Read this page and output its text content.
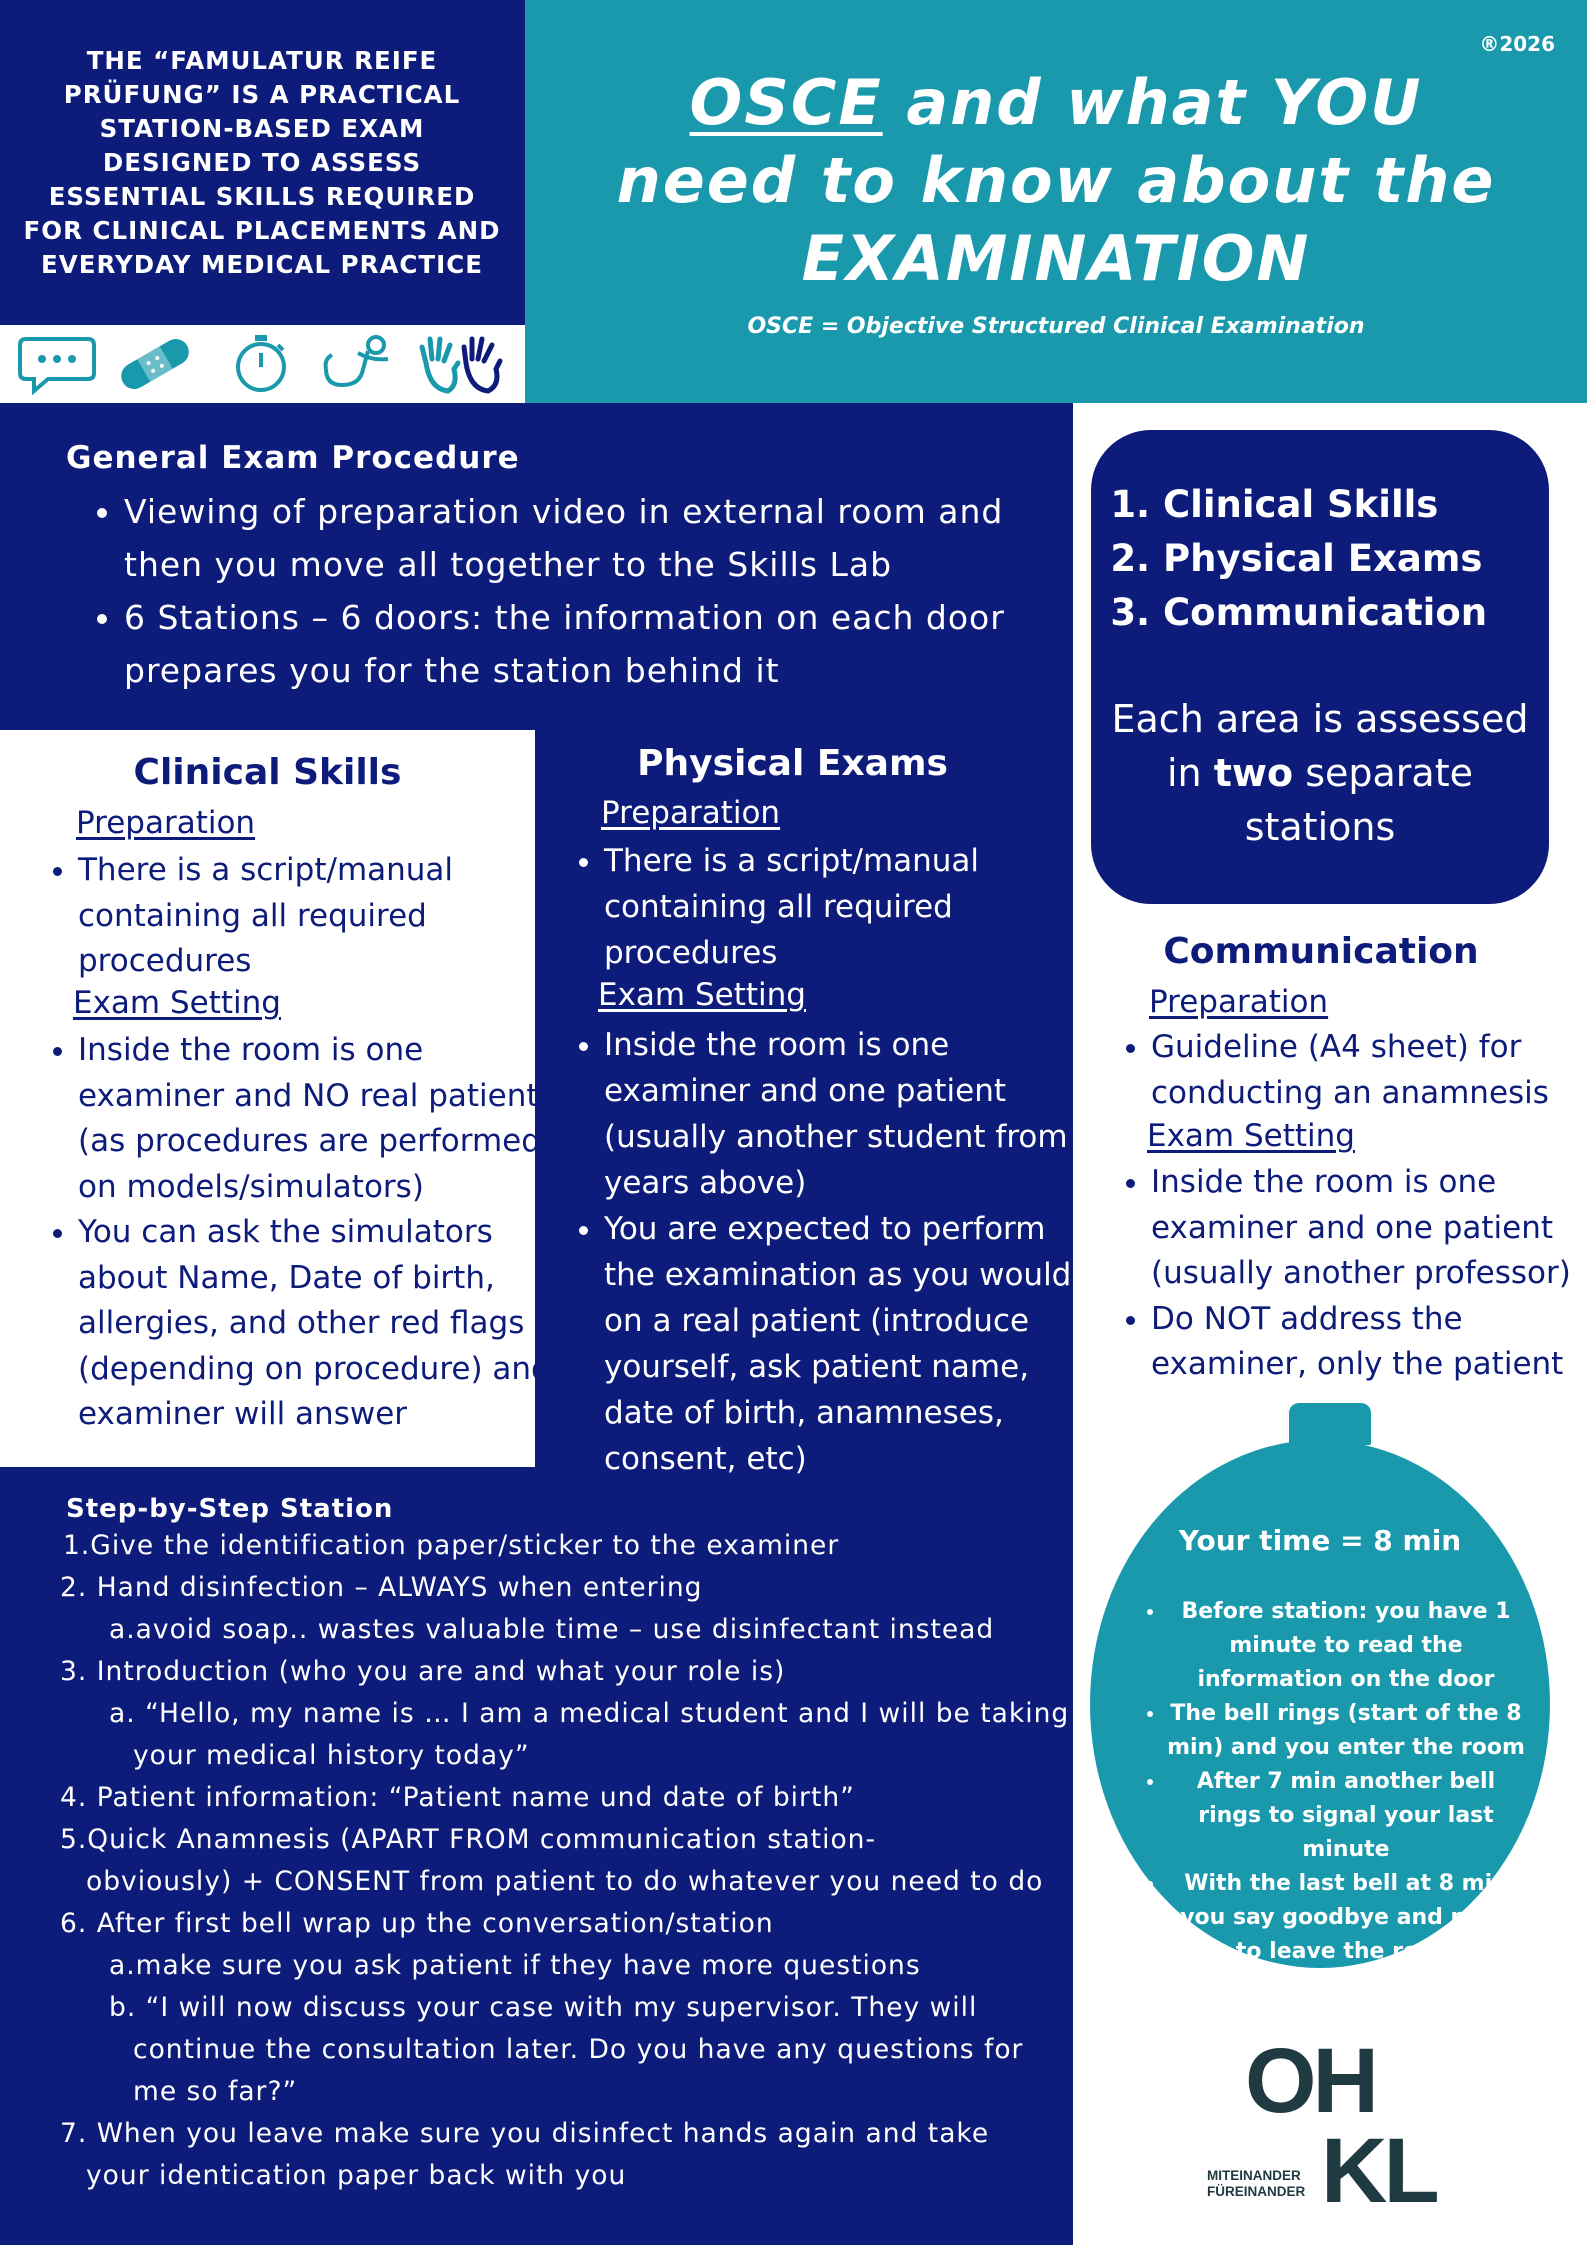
THE “FAMULATUR REIFE PRÜFUNG” IS A PRACTICAL STATION-BASED EXAM DESIGNED TO ASSESS ESSENTIAL SKILLS REQUIRED FOR CLINICAL PLACEMENTS AND EVERYDAY MEDICAL PRACTICE

®2026
OSCE and what YOU
need to know about the
EXAMINATION
OSCE = Objective Structured Clinical Examination
General Exam Procedure
• Viewing of preparation video in external room and then you move all together to the Skills Lab
• 6 Stations – 6 doors: the information on each door prepares you for the station behind it
1. Clinical Skills
2. Physical Exams
3. Communication

Each area is assessed in two separate stations

Clinical Skills

Preparation

• There is a script/manual containing all required procedures

Exam Setting

• Inside the room is one examiner and NO real patient (as procedures are performed on models/simulators)
• You can ask the simulators about Name, Date of birth, allergies, and other red flags (depending on procedure) and examiner will answer
Physical Exams

Preparation

• There is a script/manual containing all required procedures

Exam Setting

• Inside the room is one examiner and one patient (usually another student from years above)
• You are expected to perform the examination as you would on a real patient (introduce yourself, ask patient name, date of birth, anamneses, consent, etc)
Communication

Preparation

• Guideline (A4 sheet) for conducting an anamnesis

Exam Setting

• Inside the room is one examiner and one patient (usually another professor)
• Do NOT address the examiner, only the patient
Step-by-Step Station
1.Give the identification paper/sticker to the examiner
2. Hand disinfection – ALWAYS when entering
a.avoid soap.. wastes valuable time – use disinfectant instead
3. Introduction (who you are and what your role is)
a. “Hello, my name is … I am a medical student and I will be taking
your medical history today”
4. Patient information: “Patient name und date of birth”
5.Quick Anamnesis (APART FROM communication station-
obviously) + CONSENT from patient to do whatever you need to do
6. After first bell wrap up the conversation/station
a.make sure you ask patient if they have more questions
b. “I will now discuss your case with my supervisor. They will
continue the consultation later. Do you have any questions for
me so far?”
7. When you leave make sure you disinfect hands again and take
your identication paper back with you

Your time = 8 min

• Before station: you have 1 minute to read the information on the door
• The bell rings (start of the 8 min) and you enter the room
• After 7 min another bell rings to signal your last minute
• With the last bell at 8 min you say goodbye and need to leave the room
OH
KL
MITEINANDER
FÜREINANDER
